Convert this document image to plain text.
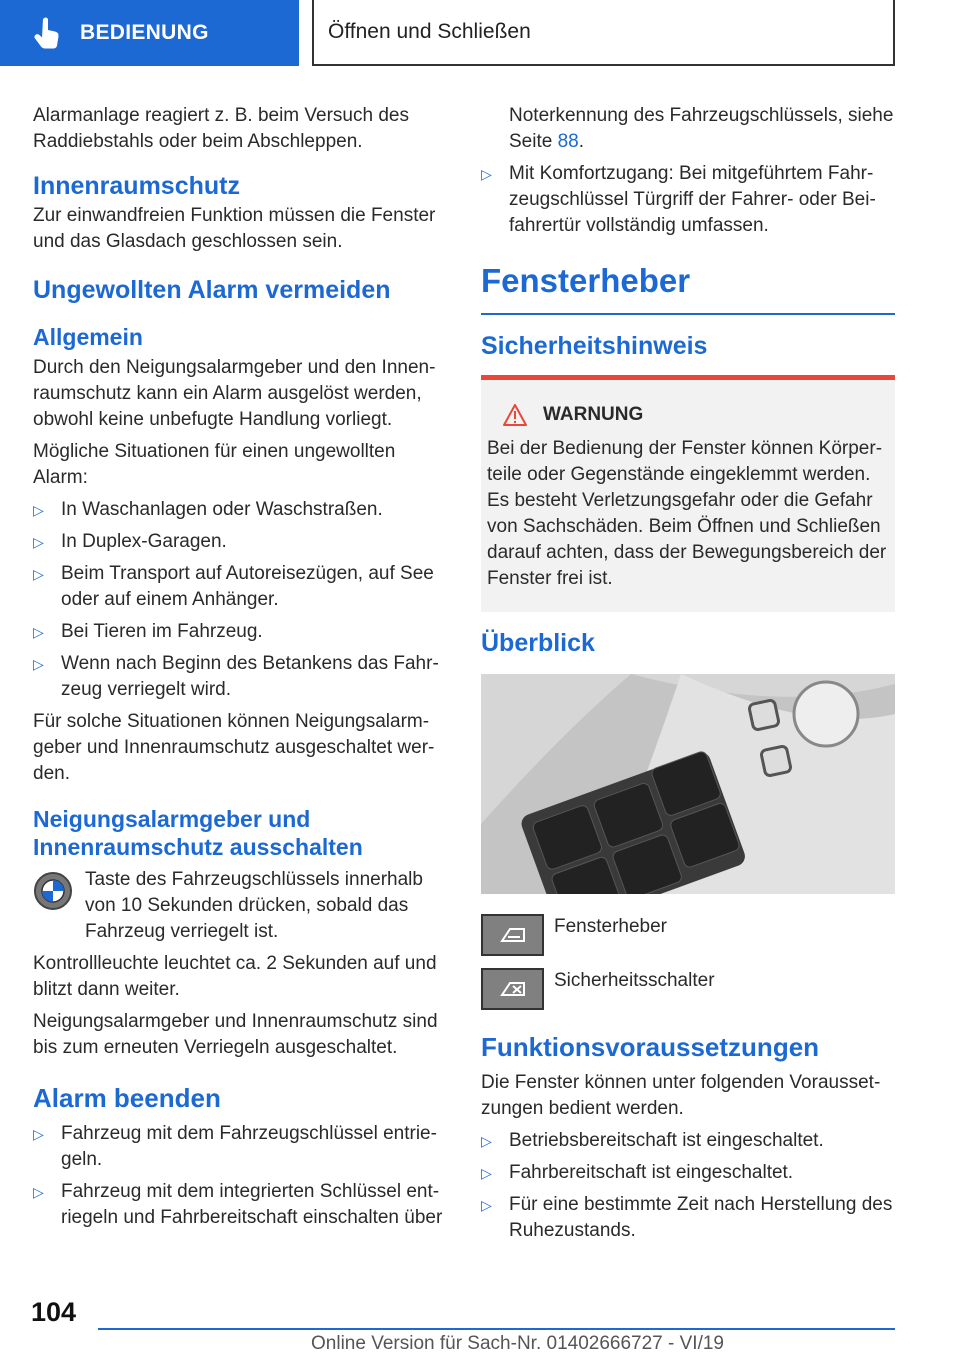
BEDIENUNG	Öffnen und Schließen

Alarmanlage reagiert z. B. beim Versuch des Raddiebstahls oder beim Abschleppen.

Innenraumschutz

Zur einwandfreien Funktion müssen die Fenster und das Glasdach geschlossen sein.

Ungewollten Alarm vermeiden
Allgemein

Durch den Neigungsalarmgeber und den Innenraumschutz kann ein Alarm ausgelöst werden, obwohl keine unbefugte Handlung vorliegt.

Mögliche Situationen für einen ungewollten Alarm:

▷ In Waschanlagen oder Waschstraßen.
▷ In Duplex-Garagen.
▷ Beim Transport auf Autoreisezügen, auf See oder auf einem Anhänger.
▷ Bei Tieren im Fahrzeug.
▷ Wenn nach Beginn des Betankens das Fahrzeug verriegelt wird.

Für solche Situationen können Neigungsalarmgeber und Innenraumschutz ausgeschaltet werden.

Neigungsalarmgeber und Innenraumschutz ausschalten
Taste des Fahrzeugschlüssels innerhalb von 10 Sekunden drücken, sobald das Fahrzeug verriegelt ist.

Kontrollleuchte leuchtet ca. 2 Sekunden auf und blitzt dann weiter.

Neigungsalarmgeber und Innenraumschutz sind bis zum erneuten Verriegeln ausgeschaltet.

Alarm beenden
▷ Fahrzeug mit dem Fahrzeugschlüssel entriegeln.
▷ Fahrzeug mit dem integrierten Schlüssel entriegeln und Fahrbereitschaft einschalten über

Noterkennung des Fahrzeugschlüssels, siehe Seite 88.

▷ Mit Komfortzugang: Bei mitgeführtem Fahrzeugschlüssel Türgriff der Fahrer- oder Beifahrertür vollständig umfassen.
Fensterheber
Sicherheitshinweis
WARNUNG

Bei der Bedienung der Fenster können Körperteile oder Gegenstände eingeklemmt werden. Es besteht Verletzungsgefahr oder die Gefahr von Sachschäden. Beim Öffnen und Schließen darauf achten, dass der Bewegungsbereich der Fenster frei ist.

Überblick
Fensterheber
Sicherheitsschalter
Funktionsvoraussetzungen

Die Fenster können unter folgenden Voraussetzungen bedient werden.

▷ Betriebsbereitschaft ist eingeschaltet.
▷ Fahrbereitschaft ist eingeschaltet.
▷ Für eine bestimmte Zeit nach Herstellung des Ruhezustands.
104
Online Version für Sach-Nr. 01402666727 - VI/19
